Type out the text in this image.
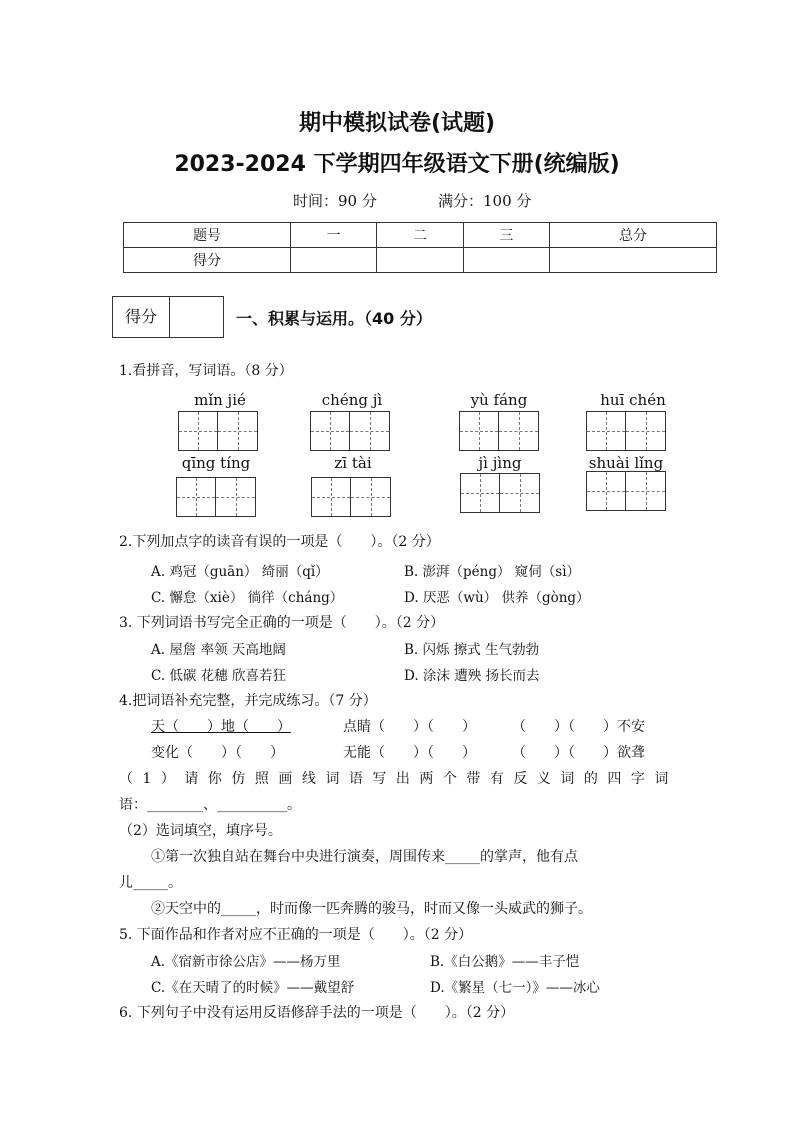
期中模拟试卷(试题)
2023-2024 下学期四年级语文下册(统编版)
时间：90 分	满分：100 分
题号	一	二	三	总分
得分				
得分	一、积累与运用。（40 分）
1.看拼音，写词语。（8 分）
mǐn jié	chéng jì	yù fáng	huī chén
qīng tíng	zī tài	jì jìng	shuài lǐng
2.下列加点字的读音有误的一项是（　　）。（2 分）
A. 鸡冠（guān） 绮丽（qǐ）	B. 澎湃（péng） 窥伺（sì）
C. 懈怠（xiè） 徜徉（cháng）	D. 厌恶（wù） 供养（gòng）
3. 下列词语书写完全正确的一项是（　　）。（2 分）
A. 屋詹 率领 天高地阔	B. 闪烁 擦式 生气勃勃
C. 低碳 花穗 欣喜若狂	D. 涂沫 遭殃 扬长而去
4.把词语补充完整，并完成练习。（7 分）
天（　　）地（　　）	点睛（　　）（　　）	（　　）（　　）不安
变化（　　）（　　）	无能（　　）（　　）	（　　）（　　）欲聋
（1）请你仿照画线词语写出两个带有反义词的四字词
语：________、__________。
（2）选词填空，填序号。
①第一次独自站在舞台中央进行演奏，周围传来_____的掌声，他有点
儿_____。
②天空中的_____，时而像一匹奔腾的骏马，时而又像一头威武的狮子。
5. 下面作品和作者对应不正确的一项是（　　）。（2 分）
A.《宿新市徐公店》——杨万里	B.《白公鹅》——丰子恺
C.《在天晴了的时候》——戴望舒	D.《繁星（七一）》——冰心
6. 下列句子中没有运用反语修辞手法的一项是（　　）。（2 分）
